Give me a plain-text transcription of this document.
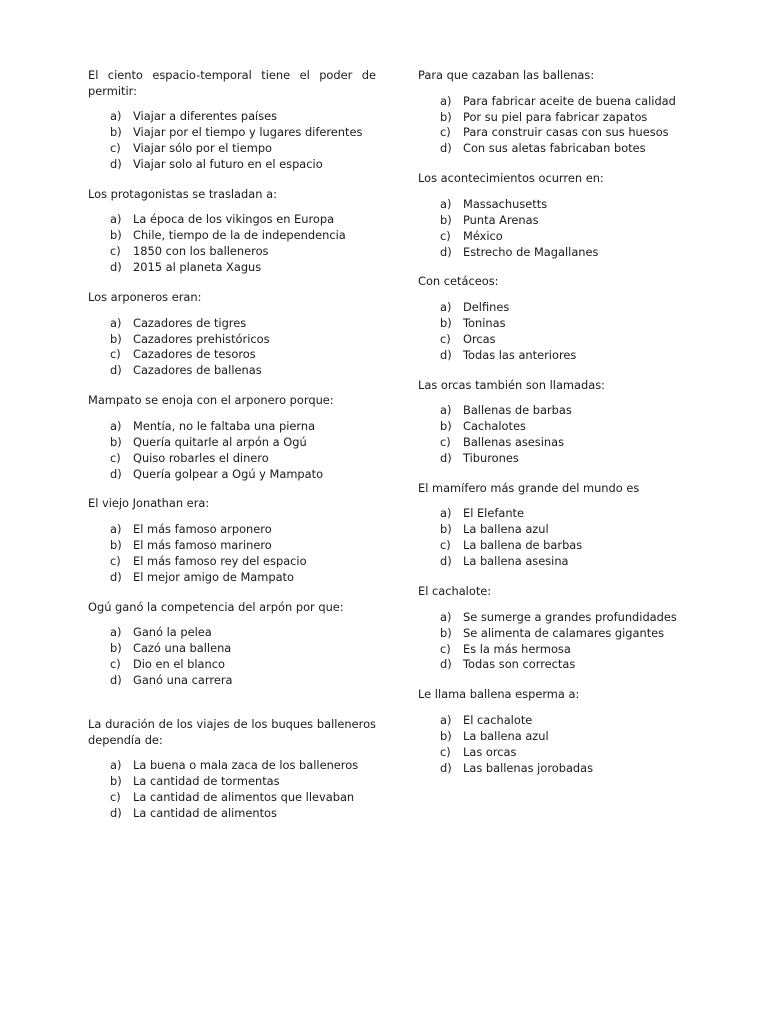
El ciento espacio-temporal tiene el poder de permitir:

a)	Viajar a diferentes países
b) Viajar por el tiempo y lugares diferentes
c)	Viajar sólo por el tiempo
d) Viajar solo al futuro en el espacio

Los protagonistas se trasladan a:

a)	La época de los vikingos en Europa
b) Chile, tiempo de la de independencia
c)	1850 con los balleneros
d) 2015 al planeta Xagus

Los arponeros eran:

a)	Cazadores de tigres
b) Cazadores prehistóricos
c)	Cazadores de tesoros
d) Cazadores de ballenas

Mampato se enoja con el arponero porque:

a)	Mentía, no le faltaba una pierna
b) Quería quitarle al arpón a Ogú
c)	Quiso robarles el dinero
d) Quería golpear a Ogú y Mampato

El viejo Jonathan era:

a)	El más famoso arponero
b) El más famoso marinero
c)	El más famoso rey del espacio
d) El mejor amigo de Mampato

Ogú ganó la competencia del arpón por que:

a)	Ganó la pelea
b) Cazó una ballena
c)	Dio en el blanco
d) Ganó una carrera

La duración de los viajes de los buques balleneros dependía de:

a)	La buena o mala zaca de los balleneros
b) La cantidad de tormentas
c)	La cantidad de alimentos que llevaban
d) La cantidad de alimentos

Para que cazaban las ballenas:

a)	Para fabricar aceite de buena calidad
b) Por su piel para fabricar zapatos
c)	Para construir casas con sus huesos
d) Con sus aletas fabricaban botes

Los acontecimientos ocurren en:

a)	Massachusetts
b) Punta Arenas
c)	México
d) Estrecho de Magallanes

Con cetáceos:

a)	Delfines
b) Toninas
c)	Orcas
d) Todas las anteriores

Las orcas también son llamadas:

a)	Ballenas de barbas
b) Cachalotes
c)	Ballenas asesinas
d) Tiburones

El mamífero más grande del mundo es

a)	El Elefante
b) La ballena azul
c)	La ballena de barbas
d) La ballena asesina

El cachalote:

a)	Se sumerge a grandes profundidades
b) Se alimenta de calamares gigantes
c)	Es la más hermosa
d) Todas son correctas

Le llama ballena esperma a:

a)	El cachalote
b) La ballena azul
c)	Las orcas
d) Las ballenas jorobadas
